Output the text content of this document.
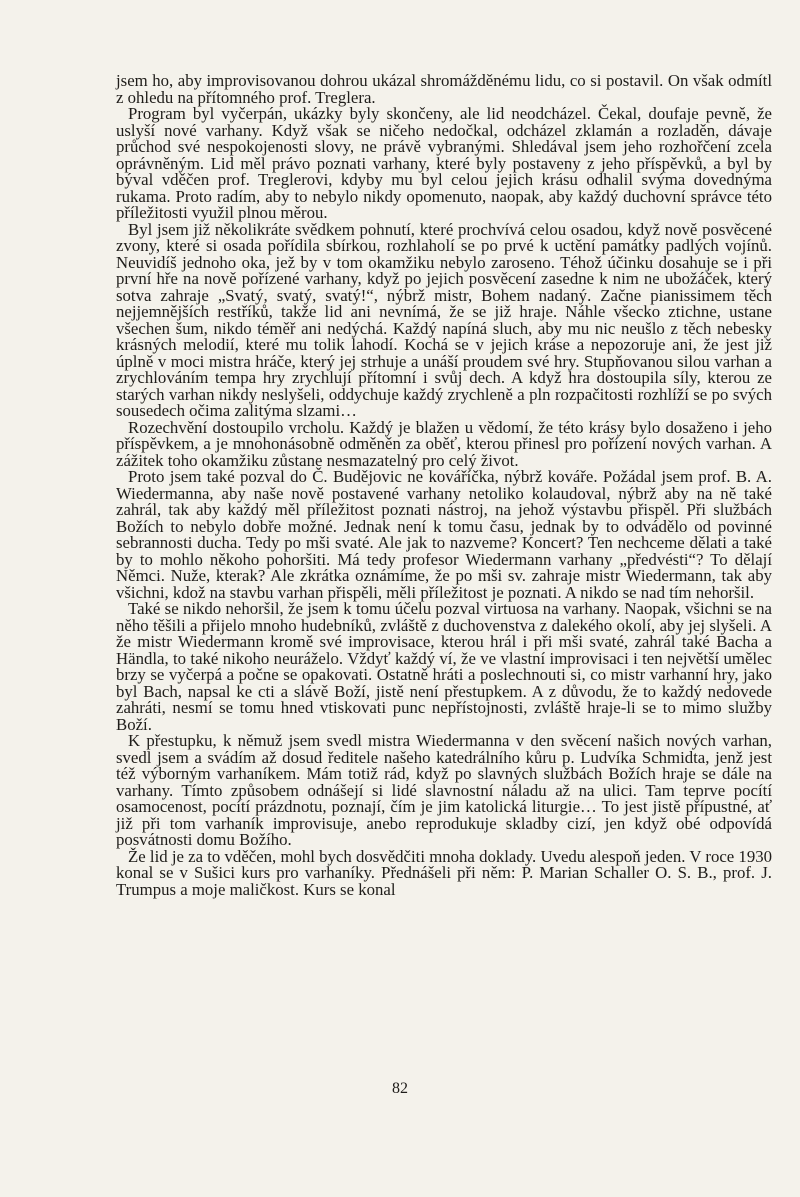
jsem ho, aby improvisovanou dohrou ukázal shromážděnému lidu, co si postavil. On však odmítl z ohledu na přítomného prof. Treglera.

Program byl vyčerpán, ukázky byly skončeny, ale lid neodcházel. Čekal, doufaje pevně, že uslyší nové varhany. Když však se ničeho nedočkal, odcházel zklamán a rozladěn, dávaje průchod své nespokojenosti slovy, ne právě vybranými. Shledával jsem jeho rozhořčení zcela oprávněným. Lid měl právo poznati varhany, které byly postaveny z jeho příspěvků, a byl by býval vděčen prof. Treglerovi, kdyby mu byl celou jejich krásu odhalil svýma dovednýma rukama. Proto radím, aby to nebylo nikdy opomenuto, naopak, aby každý duchovní správce této příležitosti využil plnou měrou.

Byl jsem již několikráte svědkem pohnutí, které prochvívá celou osadou, když nově posvěcené zvony, které si osada pořídila sbírkou, rozhlaholí se po prvé k uctění památky padlých vojínů. Neuvidíš jednoho oka, jež by v tom okamžiku nebylo zaroseno. Téhož účinku dosahuje se i při první hře na nově pořízené varhany, když po jejich posvěcení zasedne k nim ne ubožáček, který sotva zahraje „Svatý, svatý, svatý!“, nýbrž mistr, Bohem nadaný. Začne pianissimem těch nejjemnějších restříků, takže lid ani nevnímá, že se již hraje. Náhle všecko ztichne, ustane všechen šum, nikdo téměř ani nedýchá. Každý napíná sluch, aby mu nic neušlo z těch nebesky krásných melodií, které mu tolik lahodí. Kochá se v jejich kráse a nepozoruje ani, že jest již úplně v moci mistra hráče, který jej strhuje a unáší proudem své hry. Stupňovanou silou varhan a zrychlováním tempa hry zrychlují přítomní i svůj dech. A když hra dostoupila síly, kterou ze starých varhan nikdy neslyšeli, oddychuje každý zrychleně a pln rozpačitosti rozhlíží se po svých sousedech očima zalitýma slzami…

Rozechvění dostoupilo vrcholu. Každý je blažen u vědomí, že této krásy bylo dosaženo i jeho příspěvkem, a je mnohonásobně odměněn za oběť, kterou přinesl pro pořízení nových varhan. A zážitek toho okamžiku zůstane nesmazatelný pro celý život.

Proto jsem také pozval do Č. Budějovic ne kováříčka, nýbrž kováře. Požádal jsem prof. B. A. Wiedermanna, aby naše nově postavené varhany netoliko kolaudoval, nýbrž aby na ně také zahrál, tak aby každý měl příležitost poznati nástroj, na jehož výstavbu přispěl. Při službách Božích to nebylo dobře možné. Jednak není k tomu času, jednak by to odvádělo od povinné sebrannosti ducha. Tedy po mši svaté. Ale jak to nazveme? Koncert? Ten nechceme dělati a také by to mohlo někoho pohoršiti. Má tedy profesor Wiedermann varhany „předvésti“? To dělají Němci. Nuže, kterak? Ale zkrátka oznámíme, že po mši sv. zahraje mistr Wiedermann, tak aby všichni, kdož na stavbu varhan přispěli, měli příležitost je poznati. A nikdo se nad tím nehoršil.

Také se nikdo nehoršil, že jsem k tomu účelu pozval virtuosa na varhany. Naopak, všichni se na něho těšili a přijelo mnoho hudebníků, zvláště z duchovenstva z dalekého okolí, aby jej slyšeli. A že mistr Wiedermann kromě své improvisace, kterou hrál i při mši svaté, zahrál také Bacha a Händla, to také nikoho neuráželo. Vždyť každý ví, že ve vlastní improvisaci i ten největší umělec brzy se vyčerpá a počne se opakovati. Ostatně hráti a poslechnouti si, co mistr varhanní hry, jako byl Bach, napsal ke cti a slávě Boží, jistě není přestupkem. A z důvodu, že to každý nedovede zahráti, nesmí se tomu hned vtiskovati punc nepřístojnosti, zvláště hraje-li se to mimo služby Boží.

K přestupku, k němuž jsem svedl mistra Wiedermanna v den svěcení našich nových varhan, svedl jsem a svádím až dosud ředitele našeho katedrálního kůru p. Ludvíka Schmidta, jenž jest též výborným varhaníkem. Mám totiž rád, když po slavných službách Božích hraje se dále na varhany. Tímto způsobem odnášejí si lidé slavnostní náladu až na ulici. Tam teprve pocítí osamocenost, pocítí prázdnotu, poznají, čím je jim katolická liturgie… To jest jistě přípustné, ať již při tom varhaník improvisuje, anebo reprodukuje skladby cizí, jen když obé odpovídá posvátnosti domu Božího.

Že lid je za to vděčen, mohl bych dosvědčiti mnoha doklady. Uvedu alespoň jeden. V roce 1930 konal se v Sušici kurs pro varhaníky. Přednášeli při něm: P. Marian Schaller O. S. B., prof. J. Trumpus a moje maličkost. Kurs se konal

82
